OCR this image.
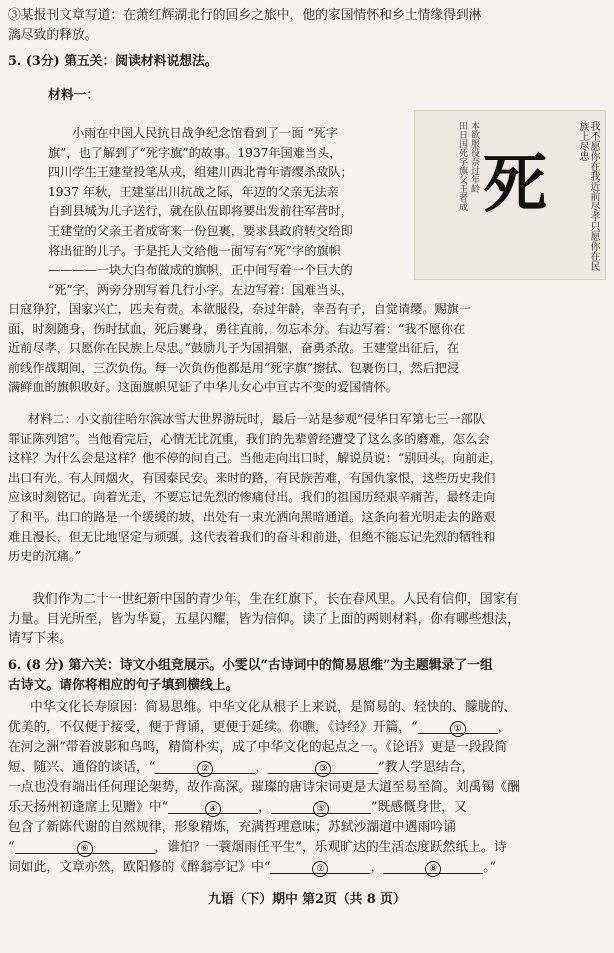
③某报刊文章写道：在萧红辉湖北行的回乡之旅中，他的家国情怀和乡土情缘得到淋

漓尽致的释放。

5. (3分) 第五关：阅读材料说想法。

材料一：

小雨在中国人民抗日战争纪念馆看到了一面 “死字
旗”，也了解到了“死字旗”的故事。1937年国难当头，
四川学生王建堂投笔从戎，组建川西北青年请缨杀敌队；
1937 年秋，王建堂出川抗战之际，年迈的父亲无法亲
自到县城为儿子送行，就在队伍即将要出发前往军营时，
王建堂的父亲王者成寄来一份包裹，要求县政府转交给即
将出征的儿子。于是托人文给他一面写有“死”字的旗帜
————一块大白布做成的旗帜，正中间写着一个巨大的
“死”字，两旁分别写着几行小字。左边写着：国难当头，
田日国死字旗父王者成 本欲服役奈过年龄 死	我不愿你在我近前尽孝只愿你在民族上尽忠
日寇狰狞，国家兴亡，匹夫有责。本欲服役，奈过年龄，幸吾有子，自觉请缨。赐旗一
面，时刻随身，伤时拭血，死后裹身，勇往直前，勿忘本分。右边写着：“我不愿你在
近前尽孝，只愿你在民族上尽忠。”鼓励儿子为国捐躯，奋勇杀敌。王建堂出征后，在
前线作战期间，三次负伤。每一次负伤他都是用“死字旗”擦拭、包裹伤口，然后把浸
满鲜血的旗帜收好。这面旗帜见证了中华儿女心中亘古不变的爱国情怀。
材料二：小文前往哈尔滨冰雪大世界游玩时，最后一站是参观“侵华日军第七三一部队
罪证陈列馆”。当他看完后，心情无比沉重，我们的先辈曾经遭受了这么多的磨难，怎么会
这样？为什么会是这样？他不停的问自己。当他走向出口时，解说员说：“别回头，向前走，
出口有光，有人间烟火，有国泰民安。来时的路，有民族苦难，有国仇家恨，这些历史我们
应该时刻铭记。向着光走，不要忘记先烈的惨痛付出。我们的祖国历经艰辛痛苦，最终走向
了和平。出口的路是一个缓缓的坡，出处有一束光洒向黑暗通道。这条向着光明走去的路艰
难且漫长，但无比地坚定与顽强，这代表着我们的奋斗和前进，但绝不能忘记先烈的牺牲和
历史的沉痛。”
我们作为二十一世纪新中国的青少年，生在红旗下，长在春风里。人民有信仰，国家有
力量。目光所至，皆为华夏，五星闪耀，皆为信仰。读了上面的两则材料，你有哪些想法，
请写下来。

6. (8 分) 第六关：诗文小组竞展示。小雯以“古诗词中的简易思维”为主题辑录了一组

古诗文。请你将相应的句子填到横线上。

中华文化长寿原因：简易思维。中华文化从根子上来说，是简易的、轻快的、朦胧的、

优美的，不仅便于接受，便于背诵，更便于延续。你瞧，《诗经》开篇，“	①	，

在河之洲”带着波影和鸟鸣，精简朴实，成了中华文化的起点之一。《论语》更是一段段简

短、随兴、通俗的谈话，“	②	，	③	”教人学思结合，

一点也没有端出任何理论架势，故作高深。璀璨的唐诗宋词更是大道至易至简。刘禹锡《酬

乐天扬州初逢席上见赠》中“	④	，	⑤	”既感慨身世，又

包含了新陈代谢的自然规律，形象精炼，充满哲理意味；苏轼沙湖道中遇雨吟诵

“	⑥	，谁怕？一蓑烟雨任平生”，乐观旷达的生活态度跃然纸上。诗

词如此，文章亦然，欧阳修的《醉翁亭记》中“	⑦	，	⑧	。”

九语（下）期中 第2页（共 8 页）
